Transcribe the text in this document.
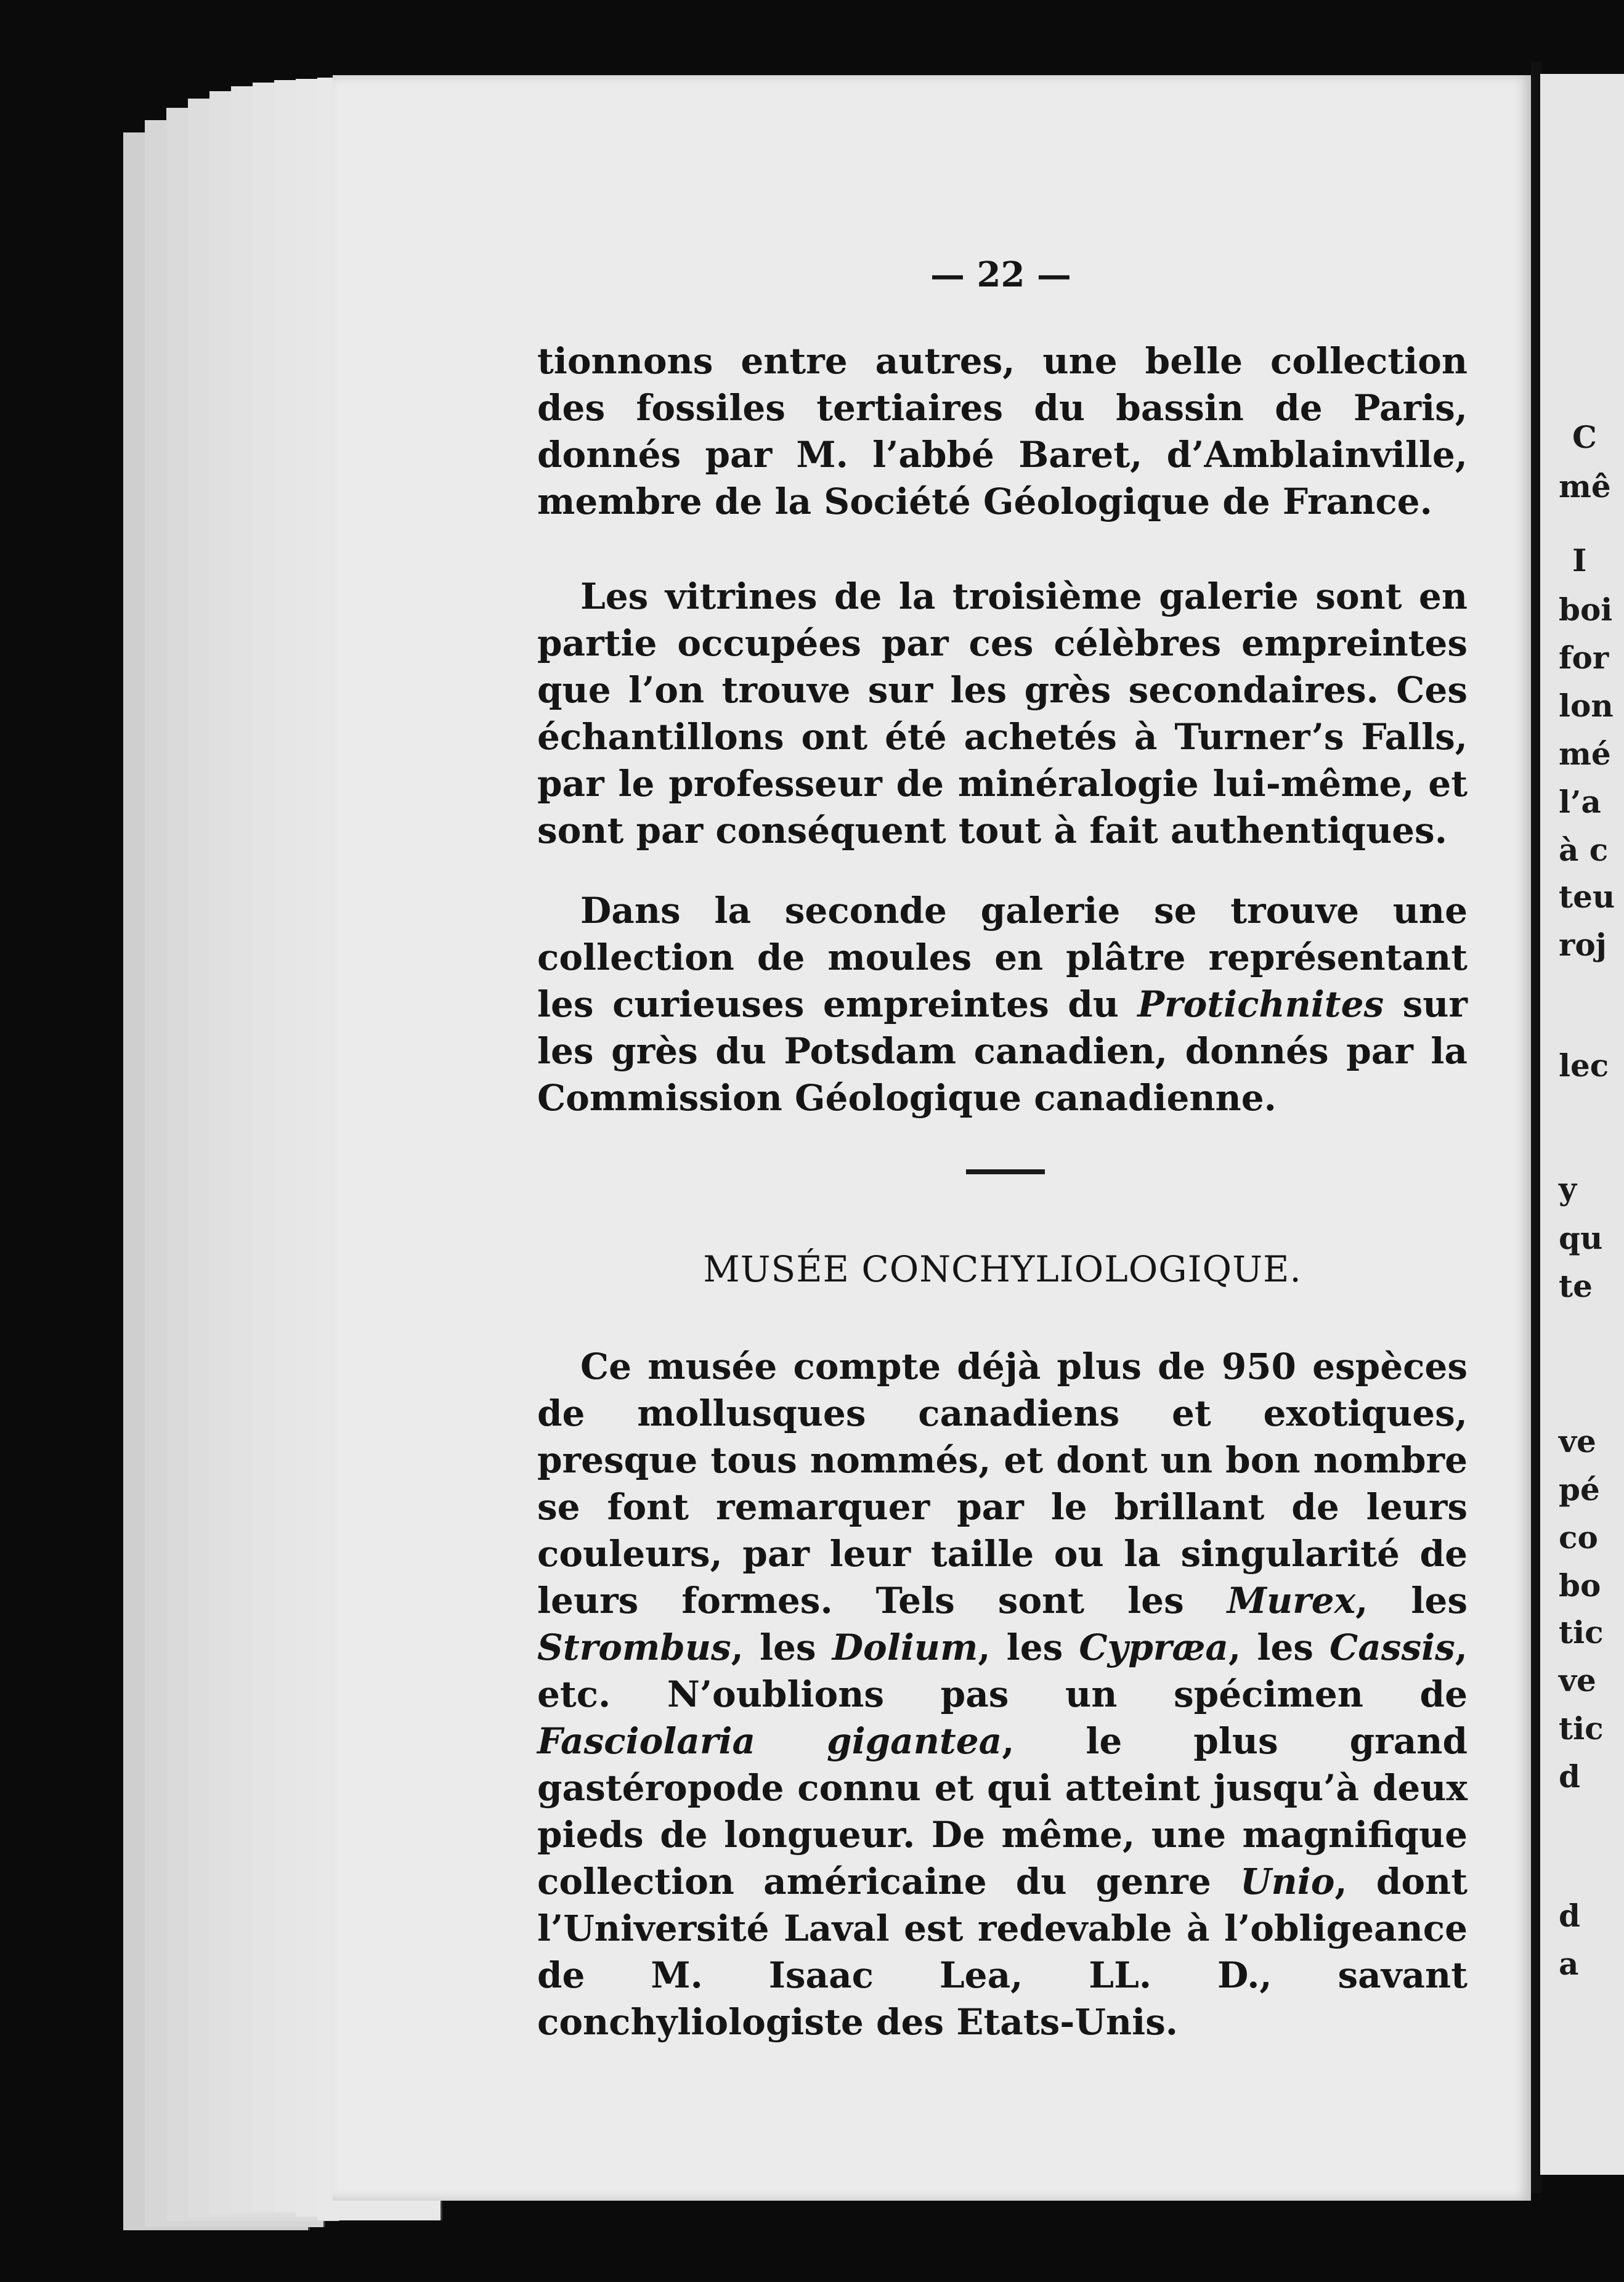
C
mê
I
boi
for
lon
mé
l’a
à c
teu
roj
lec
y
qu
te
ve
pé
co
bo
tic
ve
tic
d
d
a
— 22 —

tionnons entre autres, une belle collection des fossiles tertiaires du bassin de Paris, donnés par M. l’abbé Baret, d’Amblainville, membre de la Société Géologique de France.

Les vitrines de la troisième galerie sont en partie occupées par ces célèbres empreintes que l’on trouve sur les grès secondaires. Ces échantillons ont été achetés à Turner’s Falls, par le professeur de minéralogie lui-même, et sont par conséquent tout à fait authentiques.

Dans la seconde galerie se trouve une collection de moules en plâtre représentant les curieuses empreintes du Protichnites sur les grès du Potsdam canadien, donnés par la Commission Géologique canadienne.

MUSÉE CONCHYLIOLOGIQUE.

Ce musée compte déjà plus de 950 espèces de mollusques canadiens et exotiques, presque tous nommés, et dont un bon nombre se font remarquer par le brillant de leurs couleurs, par leur taille ou la singularité de leurs formes. Tels sont les Murex, les Strombus, les Dolium, les Cypræa, les Cassis, etc. N’oublions pas un spécimen de Fasciolaria gigantea, le plus grand gastéropode connu et qui atteint jusqu’à deux pieds de longueur. De même, une magnifique collection américaine du genre Unio, dont l’Université Laval est redevable à l’obligeance de M. Isaac Lea, LL. D., savant conchyliologiste des Etats-Unis.
